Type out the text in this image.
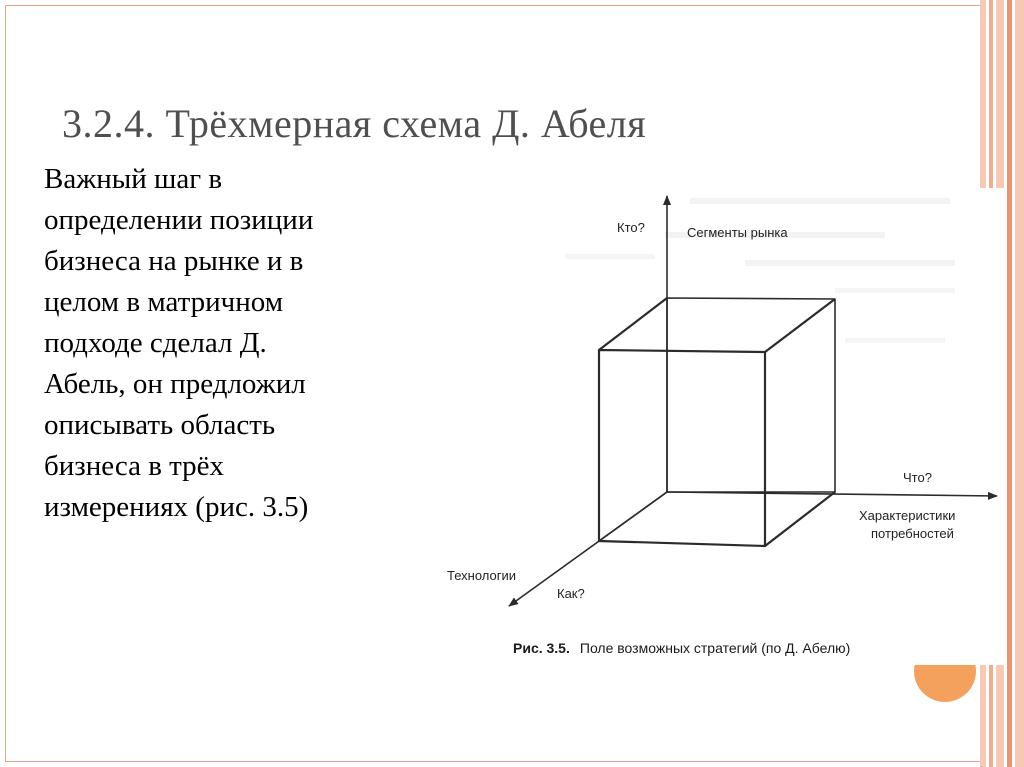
3.2.4. Трёхмерная схема Д. Абеля

Важный шаг в
определении позиции
бизнеса на рынке и в
целом в матричном
подходе сделал Д.
Абель, он предложил
описывать область
бизнеса в трёх
измерениях (рис. 3.5)

Кто?	Сегменты рынка
Что?
Характеристики
потребностей
Технологии
Как?
Рис. 3.5. Поле возможных стратегий (по Д. Абелю)
